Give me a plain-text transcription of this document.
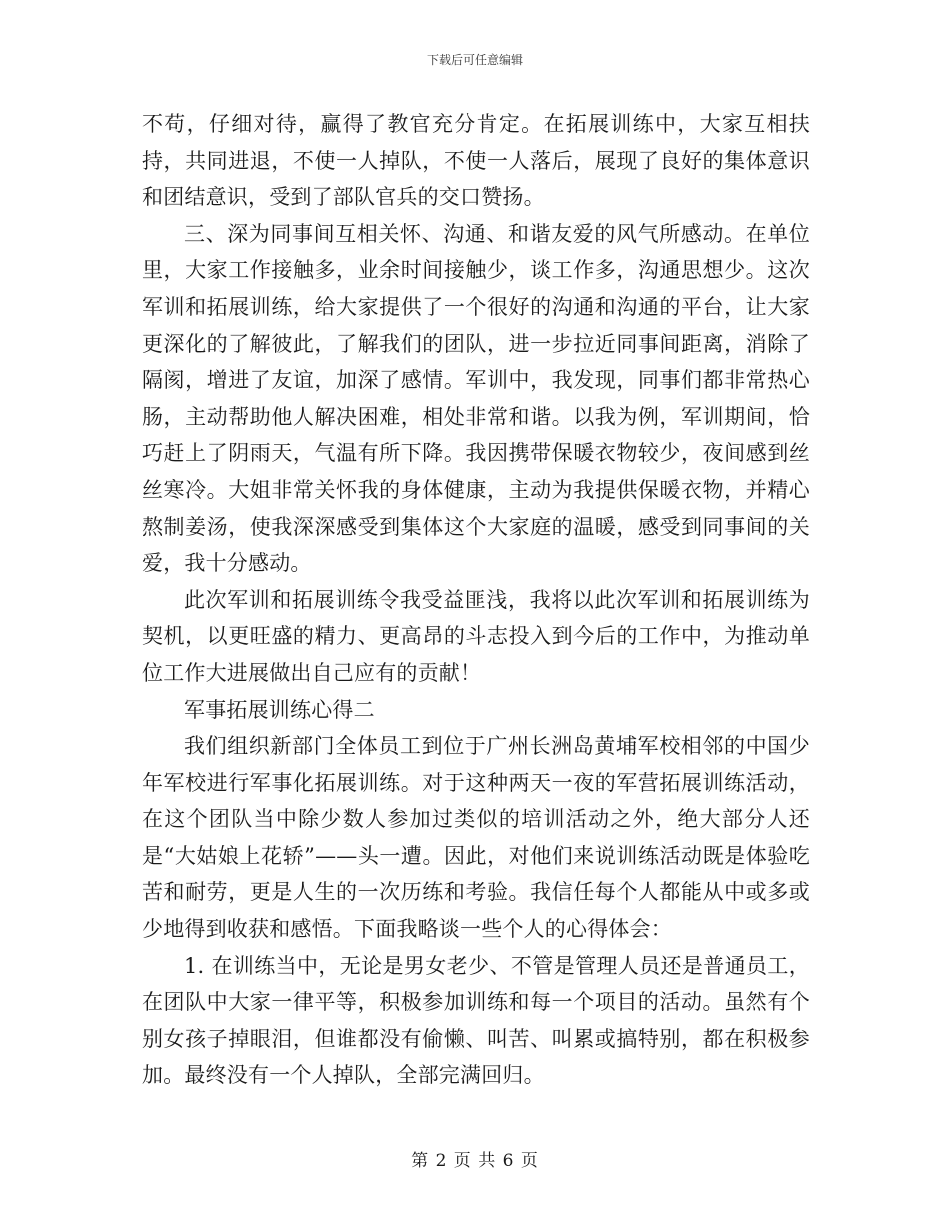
下载后可任意编辑

不苟，仔细对待，赢得了教官充分肯定。在拓展训练中，大家互相扶持，共同进退，不使一人掉队，不使一人落后，展现了良好的集体意识和团结意识，受到了部队官兵的交口赞扬。

三、深为同事间互相关怀、沟通、和谐友爱的风气所感动。在单位里，大家工作接触多，业余时间接触少，谈工作多，沟通思想少。这次军训和拓展训练，给大家提供了一个很好的沟通和沟通的平台，让大家更深化的了解彼此，了解我们的团队，进一步拉近同事间距离，消除了隔阂，增进了友谊，加深了感情。军训中，我发现，同事们都非常热心肠，主动帮助他人解决困难，相处非常和谐。以我为例，军训期间，恰巧赶上了阴雨天，气温有所下降。我因携带保暖衣物较少，夜间感到丝丝寒冷。大姐非常关怀我的身体健康，主动为我提供保暖衣物，并精心熬制姜汤，使我深深感受到集体这个大家庭的温暖，感受到同事间的关爱，我十分感动。

此次军训和拓展训练令我受益匪浅，我将以此次军训和拓展训练为契机，以更旺盛的精力、更高昂的斗志投入到今后的工作中，为推动单位工作大进展做出自己应有的贡献！

军事拓展训练心得二

我们组织新部门全体员工到位于广州长洲岛黄埔军校相邻的中国少年军校进行军事化拓展训练。对于这种两天一夜的军营拓展训练活动，在这个团队当中除少数人参加过类似的培训活动之外，绝大部分人还是“大姑娘上花轿”——头一遭。因此，对他们来说训练活动既是体验吃苦和耐劳，更是人生的一次历练和考验。我信任每个人都能从中或多或少地得到收获和感悟。下面我略谈一些个人的心得体会：

1. 在训练当中，无论是男女老少、不管是管理人员还是普通员工，在团队中大家一律平等，积极参加训练和每一个项目的活动。虽然有个别女孩子掉眼泪，但谁都没有偷懒、叫苦、叫累或搞特别，都在积极参加。最终没有一个人掉队，全部完满回归。

第 2 页 共 6 页
